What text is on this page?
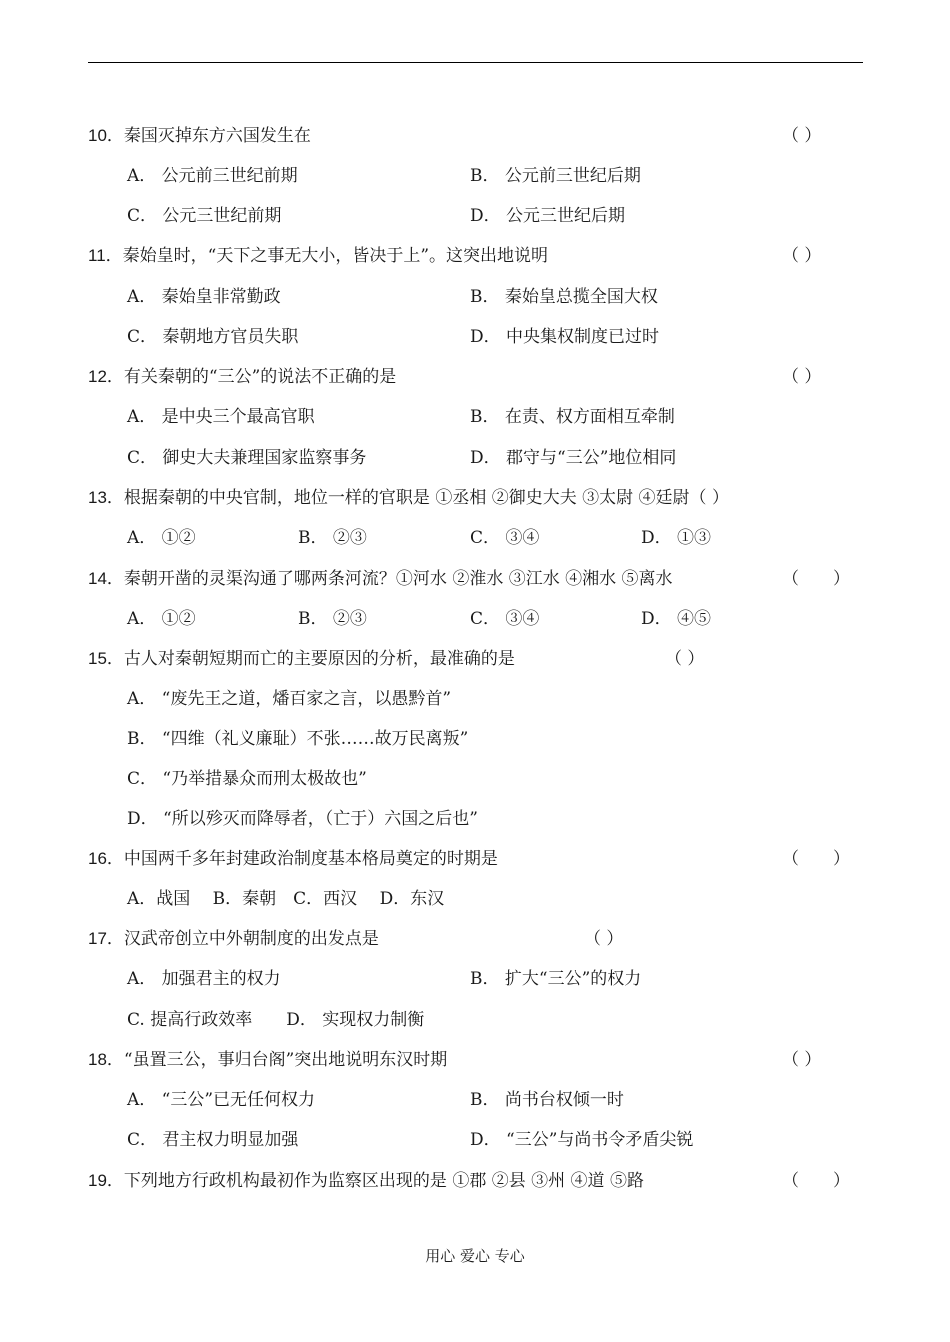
10．秦国灭掉东方六国发生在	（ ）
A． 公元前三世纪前期	B． 公元前三世纪后期
C． 公元三世纪前期	D． 公元三世纪后期
11．秦始皇时，“天下之事无大小，皆决于上”。这突出地说明	（ ）
A． 秦始皇非常勤政	B． 秦始皇总揽全国大权
C． 秦朝地方官员失职	D． 中央集权制度已过时
12．有关秦朝的“三公”的说法不正确的是	（ ）
A． 是中央三个最高官职	B． 在责、权方面相互牵制
C． 御史大夫兼理国家监察事务	D． 郡守与“三公”地位相同
13．根据秦朝的中央官制，地位一样的官职是 ①丞相 ②御史大夫 ③太尉 ④廷尉（ ）
A． ①②	B． ②③	C． ③④	D． ①③
14．秦朝开凿的灵渠沟通了哪两条河流？①河水 ②淮水 ③江水 ④湘水 ⑤离水	（　　）
A． ①②	B． ②③	C． ③④	D． ④⑤
15．古人对秦朝短期而亡的主要原因的分析，最准确的是	（ ）
A． “废先王之道，燔百家之言，以愚黔首”
B． “四维（礼义廉耻）不张……故万民离叛”
C． “乃举措暴众而刑太极故也”
D． “所以殄灭而降辱者，（亡于）六国之后也”
16．中国两千多年封建政治制度基本格局奠定的时期是	（　　）
A．战国　 B．秦朝　C．西汉　 D．东汉
17．汉武帝创立中外朝制度的出发点是	（ ）
A． 加强君主的权力	B． 扩大“三公”的权力
C. 提高行政效率　　D． 实现权力制衡
18．“虽置三公，事归台阁”突出地说明东汉时期	（ ）
A． “三公”已无任何权力	B． 尚书台权倾一时
C． 君主权力明显加强	D． “三公”与尚书令矛盾尖锐
19．下列地方行政机构最初作为监察区出现的是 ①郡 ②县 ③州 ④道 ⑤路	（　　）
用心 爱心 专心
